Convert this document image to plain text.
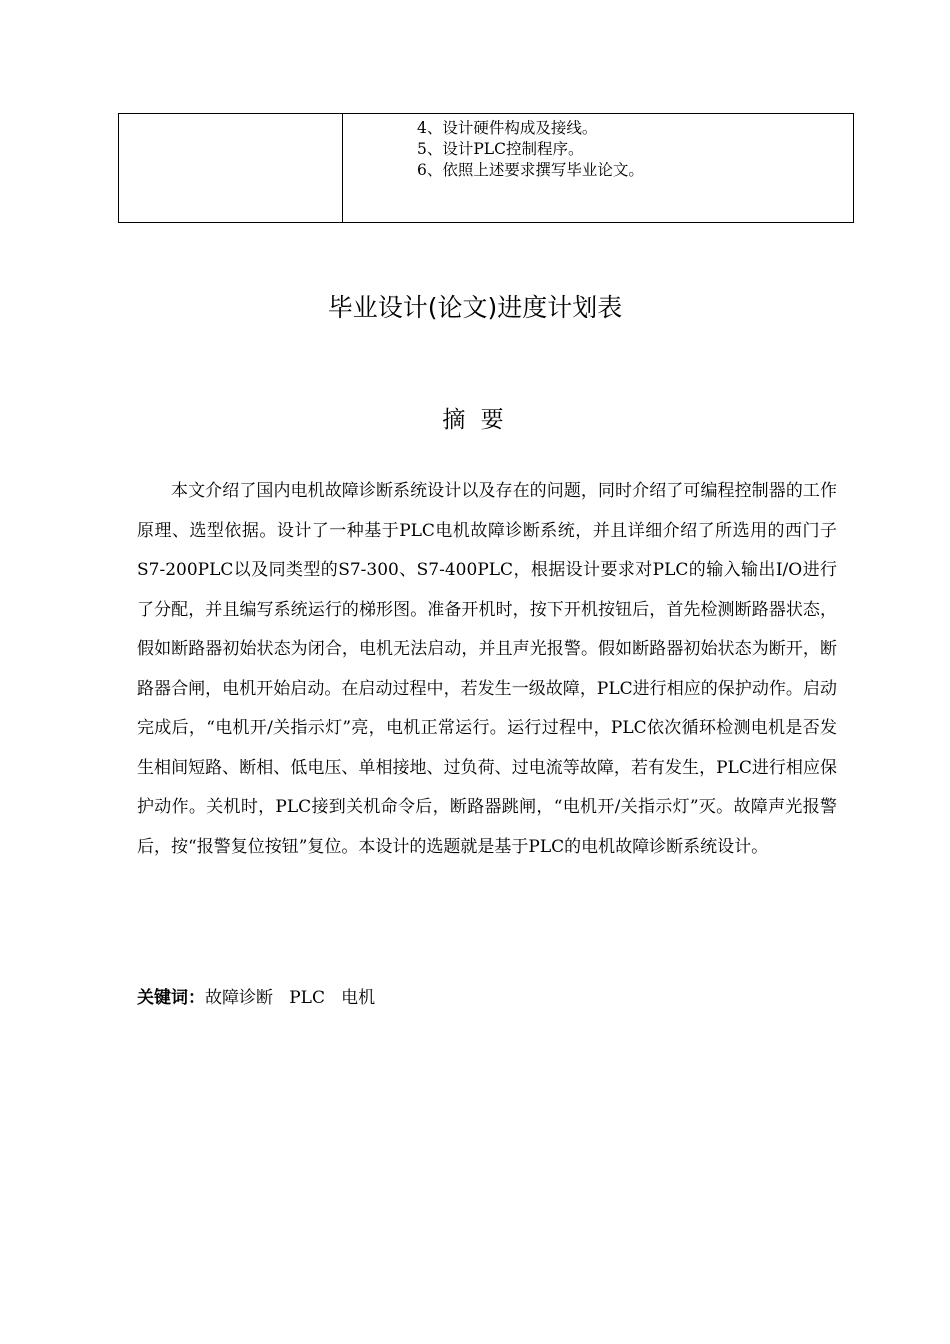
4、设计硬件构成及接线。
5、设计PLC控制程序。
6、依照上述要求撰写毕业论文。
毕业设计(论文)进度计划表
摘 要

本文介绍了国内电机故障诊断系统设计以及存在的问题，同时介绍了可编程控制器的工作原理、选型依据。设计了一种基于PLC电机故障诊断系统，并且详细介绍了所选用的西门子S7-200PLC以及同类型的S7-300、S7-400PLC，根据设计要求对PLC的输入输出I/O进行了分配，并且编写系统运行的梯形图。准备开机时，按下开机按钮后，首先检测断路器状态，假如断路器初始状态为闭合，电机无法启动，并且声光报警。假如断路器初始状态为断开，断路器合闸，电机开始启动。在启动过程中，若发生一级故障，PLC进行相应的保护动作。启动完成后，“电机开/关指示灯”亮，电机正常运行。运行过程中，PLC依次循环检测电机是否发生相间短路、断相、低电压、单相接地、过负荷、过电流等故障，若有发生，PLC进行相应保护动作。关机时，PLC接到关机命令后，断路器跳闸，“电机开/关指示灯”灭。故障声光报警后，按“报警复位按钮”复位。本设计的选题就是基于PLC的电机故障诊断系统设计。

关键词：故障诊断   PLC   电机
